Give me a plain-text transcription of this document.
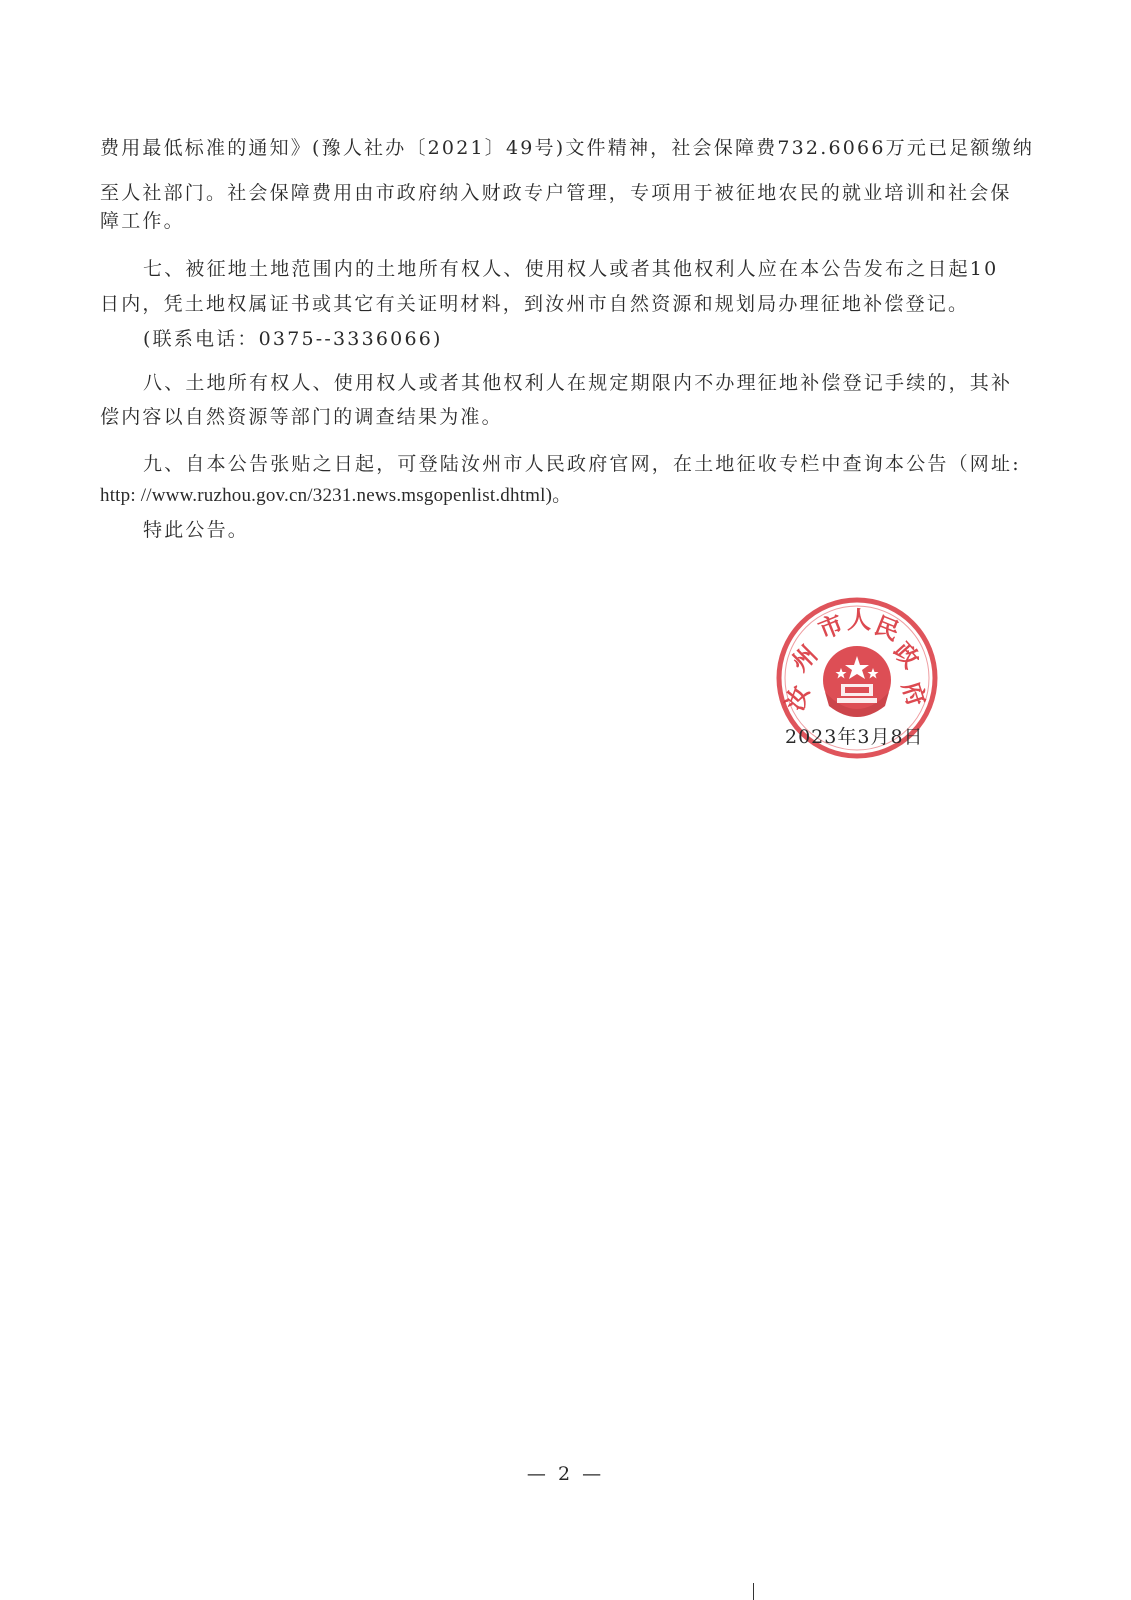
费用最低标准的通知》(豫人社办〔2021〕49号)文件精神，社会保障费732.6066万元已足额缴纳
至人社部门。社会保障费用由市政府纳入财政专户管理，专项用于被征地农民的就业培训和社会保
障工作。
七、被征地土地范围内的土地所有权人、使用权人或者其他权利人应在本公告发布之日起10
日内，凭土地权属证书或其它有关证明材料，到汝州市自然资源和规划局办理征地补偿登记。
(联系电话：0375--3336066)
八、土地所有权人、使用权人或者其他权利人在规定期限内不办理征地补偿登记手续的，其补
偿内容以自然资源等部门的调查结果为准。
九、自本公告张贴之日起，可登陆汝州市人民政府官网，在土地征收专栏中查询本公告（网址:
http: //www.ruzhou.gov.cn/3231.news.msgopenlist.dhtml)。
特此公告。
汝
州
市 人 民
政
府
2023年3月8日
— 2 —
